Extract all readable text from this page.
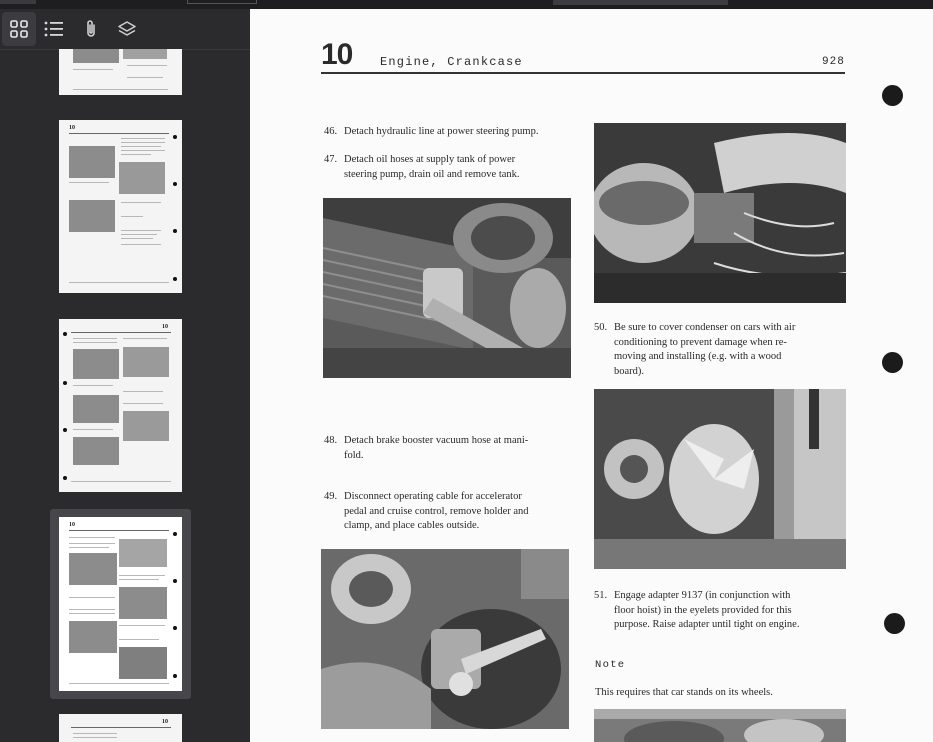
10
10
10
10
10 Engine, Crankcase	928
46. Detach hydraulic line at power steering pump.
47. Detach oil hoses at supply tank of power
steering pump, drain oil and remove tank.
50. Be sure to cover condenser on cars with air
conditioning to prevent damage when re-
moving and installing (e.g. with a wood
board).
48. Detach brake booster vacuum hose at mani-
fold.
49. Disconnect operating cable for accelerator
pedal and cruise control, remove holder and
clamp, and place cables outside.
51. Engage adapter 9137 (in conjunction with
floor hoist) in the eyelets provided for this
purpose. Raise adapter until tight on engine.
Note
This requires that car stands on its wheels.
